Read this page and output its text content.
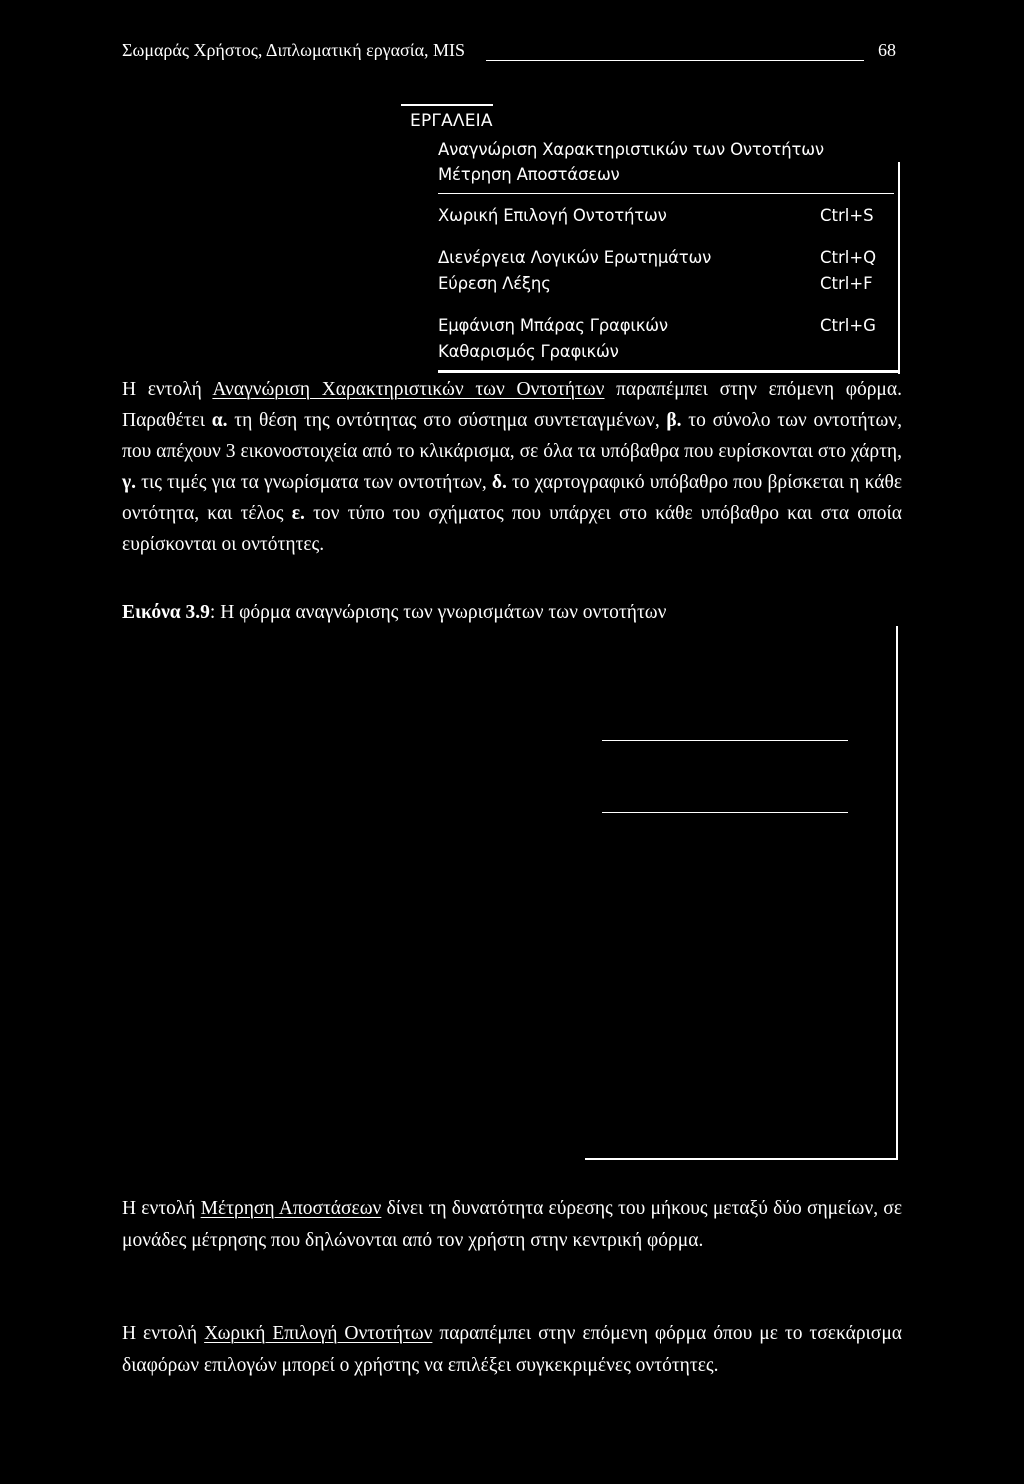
Σωμαράς Χρήστος, Διπλωματική εργασία, MIS	68
ΕΡΓΑΛΕΙΑ
Αναγνώριση Χαρακτηριστικών των Οντοτήτων
Μέτρηση Αποστάσεων
Χωρική Επιλογή Οντοτήτων	Ctrl+S
Διενέργεια Λογικών Ερωτημάτων	Ctrl+Q
Εύρεση Λέξης	Ctrl+F
Εμφάνιση Μπάρας Γραφικών	Ctrl+G
Καθαρισμός Γραφικών
Η εντολή Αναγνώριση Χαρακτηριστικών των Οντοτήτων παραπέμπει στην επόμενη φόρμα. Παραθέτει α. τη θέση της οντότητας στο σύστημα συντεταγμένων, β. το σύνολο των οντοτήτων, που απέχουν 3 εικονοστοιχεία από το κλικάρισμα, σε όλα τα υπόβαθρα που ευρίσκονται στο χάρτη, γ. τις τιμές για τα γνωρίσματα των οντοτήτων, δ. το χαρτογραφικό υπόβαθρο που βρίσκεται η κάθε οντότητα, και τέλος ε. τον τύπο του σχήματος που υπάρχει στο κάθε υπόβαθρο και στα οποία ευρίσκονται οι οντότητες.
Εικόνα 3.9: Η φόρμα αναγνώρισης των γνωρισμάτων των οντοτήτων
Η εντολή Μέτρηση Αποστάσεων δίνει τη δυνατότητα εύρεσης του μήκους μεταξύ δύο σημείων, σε μονάδες μέτρησης που δηλώνονται από τον χρήστη στην κεντρική φόρμα.
Η εντολή Χωρική Επιλογή Οντοτήτων παραπέμπει στην επόμενη φόρμα όπου με το τσεκάρισμα διαφόρων επιλογών μπορεί ο χρήστης να επιλέξει συγκεκριμένες οντότητες.
